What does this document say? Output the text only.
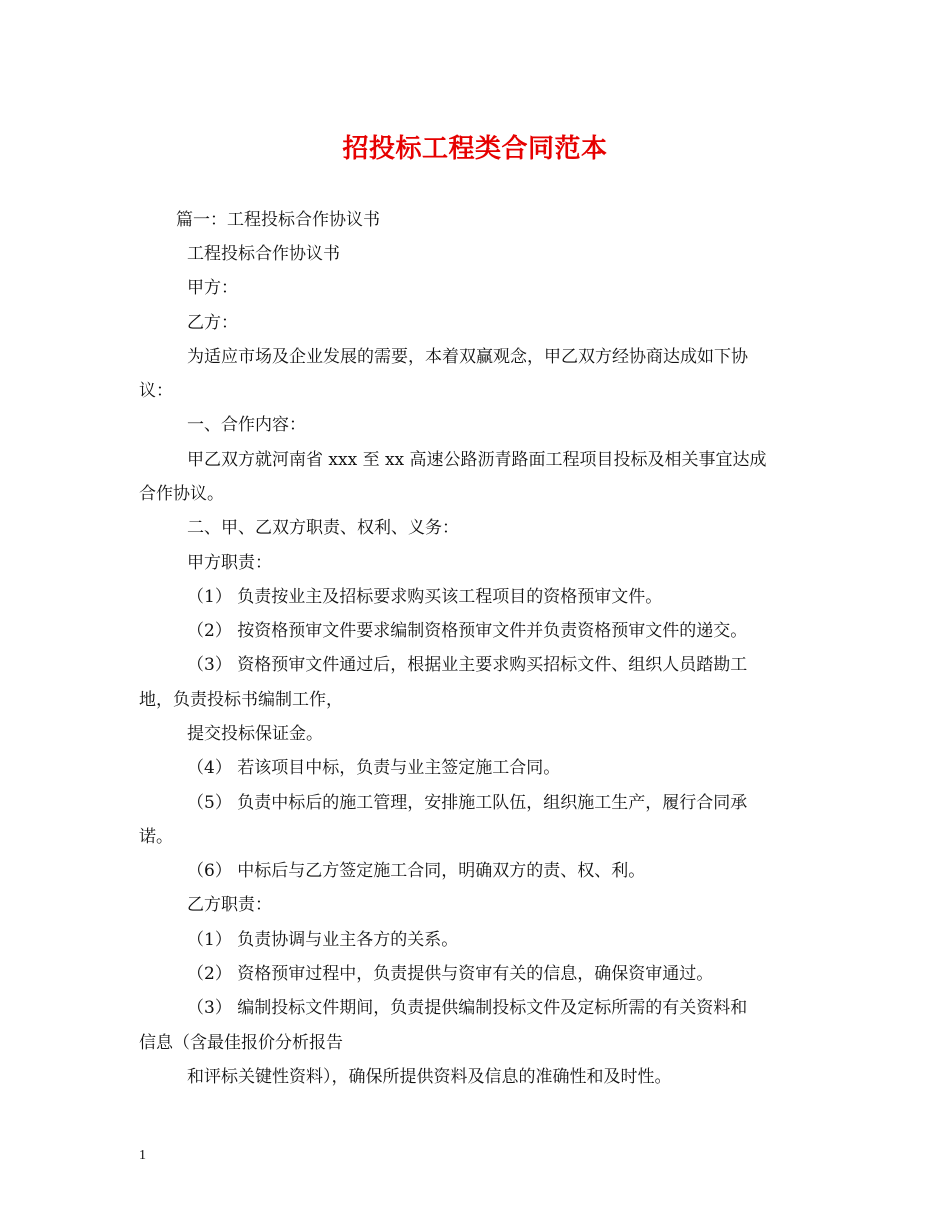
招投标工程类合同范本
篇一：工程投标合作协议书
工程投标合作协议书
甲方：
乙方：
为适应市场及企业发展的需要，本着双赢观念，甲乙双方经协商达成如下协
议：
一、合作内容：
甲乙双方就河南省 xxx 至 xx 高速公路沥青路面工程项目投标及相关事宜达成
合作协议。
二、甲、乙双方职责、权利、义务：
甲方职责：
（1） 负责按业主及招标要求购买该工程项目的资格预审文件。
（2） 按资格预审文件要求编制资格预审文件并负责资格预审文件的递交。
（3） 资格预审文件通过后，根据业主要求购买招标文件、组织人员踏勘工
地，负责投标书编制工作，
提交投标保证金。
（4） 若该项目中标，负责与业主签定施工合同。
（5） 负责中标后的施工管理，安排施工队伍，组织施工生产，履行合同承
诺。
（6） 中标后与乙方签定施工合同，明确双方的责、权、利。
乙方职责：
（1） 负责协调与业主各方的关系。
（2） 资格预审过程中，负责提供与资审有关的信息，确保资审通过。
（3） 编制投标文件期间，负责提供编制投标文件及定标所需的有关资料和
信息（含最佳报价分析报告
和评标关键性资料），确保所提供资料及信息的准确性和及时性。
1
